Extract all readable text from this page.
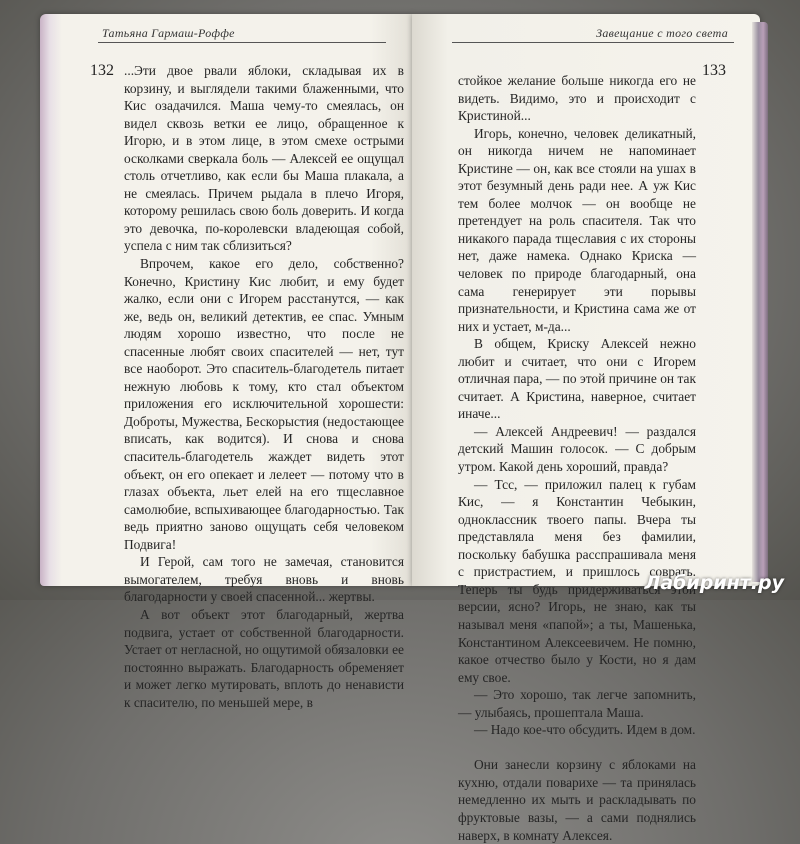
Татьяна Гармаш-Роффе
132 ...Эти двое рвали яблоки, складывая их в корзину, и выглядели такими блаженными, что Кис озадачился. Маша чему-то смеялась, он видел сквозь ветки ее лицо, обращенное к Игорю, и в этом лице, в этом смехе острыми осколками сверкала боль — Алексей ее ощущал столь отчетливо, как если бы Маша плакала, а не смеялась. Причем рыдала в плечо Игоря, которому решилась свою боль доверить. И когда это девочка, по-королевски владеющая собой, успела с ним так сблизиться?
Впрочем, какое его дело, собственно? Конечно, Кристину Кис любит, и ему будет жалко, если они с Игорем расстанутся, — как же, ведь он, великий детектив, ее спас. Умным людям хорошо известно, что после не спасенные любят своих спасителей — нет, тут все наоборот. Это спаситель-благодетель питает нежную любовь к тому, кто стал объектом приложения его исключительной хорошести: Доброты, Мужества, Бескорыстия (недостающее вписать, как водится). И снова и снова спаситель-благодетель жаждет видеть этот объект, он его опекает и лелеет — потому что в глазах объекта, льет елей на его тщеславное самолюбие, вспыхивающее благодарностью. Так ведь приятно заново ощущать себя человеком Подвига!
И Герой, сам того не замечая, становится вымогателем, требуя вновь и вновь благодарности у своей спасенной... жертвы.
А вот объект этот благодарный, жертва подвига, устает от собственной благодарности. Устает от негласной, но ощутимой обязаловки ее постоянно выражать. Благодарность обременяет и может легко мутировать, вплоть до ненависти к спасителю, по меньшей мере, в
Завещание с того света
133
стойкое желание больше никогда его не видеть. Видимо, это и происходит с Кристиной...
Игорь, конечно, человек деликатный, он никогда ничем не напоминает Кристине — он, как все стояли на ушах в этот безумный день ради нее. А уж Кис тем более молчок — он вообще не претендует на роль спасителя. Так что никакого парада тщеславия с их стороны нет, даже намека. Однако Криска — человек по природе благодарный, она сама генерирует эти порывы признательности, и Кристина сама же от них и устает, м-да...
В общем, Криску Алексей нежно любит и считает, что они с Игорем отличная пара, — по этой причине он так считает. А Кристина, наверное, считает иначе...
— Алексей Андреевич! — раздался детский Машин голосок. — С добрым утром. Какой день хороший, правда?
— Тсс, — приложил палец к губам Кис, — я Константин Чебыкин, одноклассник твоего папы. Вчера ты представляла меня без фамилии, поскольку бабушка расспрашивала меня с пристрастием, и пришлось соврать. Теперь ты будь придерживаться этой версии, ясно? Игорь, не знаю, как ты называл меня «папой»; а ты, Машенька, Константином Алексеевичем. Не помню, какое отчество было у Кости, но я дам ему свое.
— Это хорошо, так легче запомнить, — улыбаясь, прошептала Маша.
— Надо кое-что обсудить. Идем в дом.
Они занесли корзину с яблоками на кухню, отдали поварихе — та принялась немедленно их мыть и раскладывать по фруктовые вазы, — а сами поднялись наверх, в комнату Алексея.
Лабиринт.ру
